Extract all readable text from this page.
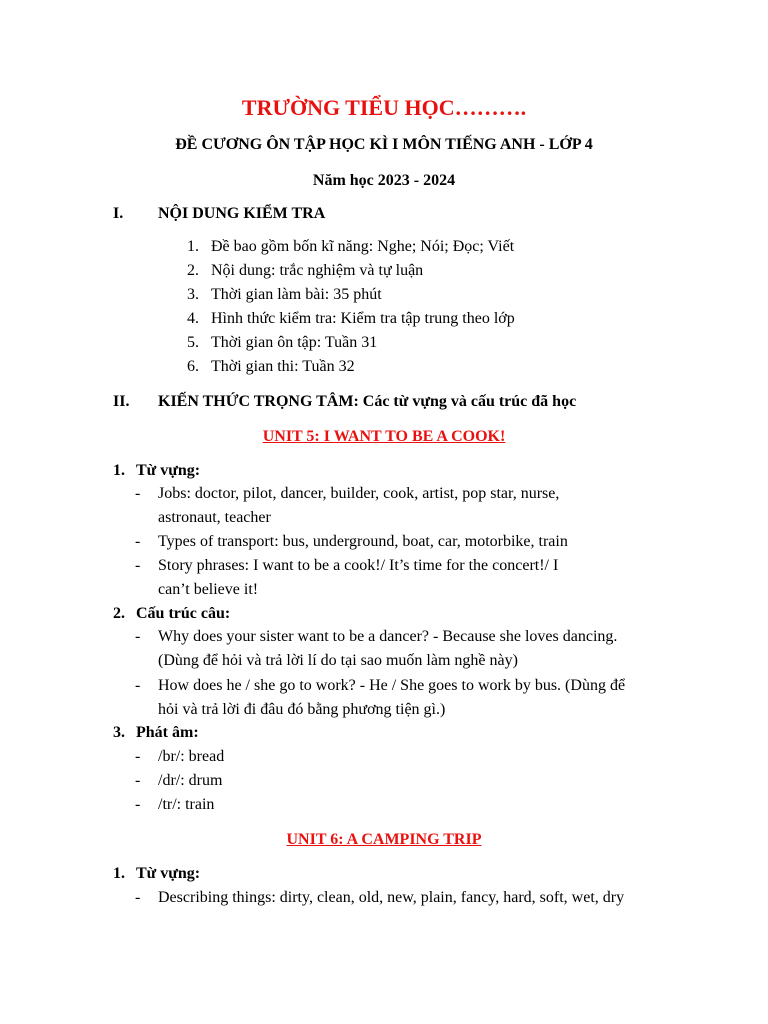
TRƯỜNG TIỂU HỌC……….
ĐỀ CƯƠNG ÔN TẬP HỌC KÌ I MÔN TIẾNG ANH - LỚP 4
Năm học 2023 - 2024
I. NỘI DUNG KIỂM TRA
1. Đề bao gồm bốn kĩ năng: Nghe; Nói; Đọc; Viết
2. Nội dung: trắc nghiệm và tự luận
3. Thời gian làm bài: 35 phút
4. Hình thức kiểm tra: Kiểm tra tập trung theo lớp
5. Thời gian ôn tập: Tuần 31
6. Thời gian thi: Tuần 32
II. KIẾN THỨC TRỌNG TÂM: Các từ vựng và cấu trúc đã học
UNIT 5: I WANT TO BE A COOK!
1. Từ vựng:
- Jobs: doctor, pilot, dancer, builder, cook, artist, pop star, nurse,
astronaut, teacher
- Types of transport: bus, underground, boat, car, motorbike, train
- Story phrases: I want to be a cook!/ It’s time for the concert!/ I
can’t believe it!
2. Cấu trúc câu:
- Why does your sister want to be a dancer? - Because she loves dancing.
(Dùng để hỏi và trả lời lí do tại sao muốn làm nghề này)
- How does he / she go to work? - He / She goes to work by bus. (Dùng để
hỏi và trả lời đi đâu đó bằng phương tiện gì.)
3. Phát âm:
- /br/: bread
- /dr/: drum
- /tr/: train
UNIT 6: A CAMPING TRIP
1. Từ vựng:
- Describing things: dirty, clean, old, new, plain, fancy, hard, soft, wet, dry
